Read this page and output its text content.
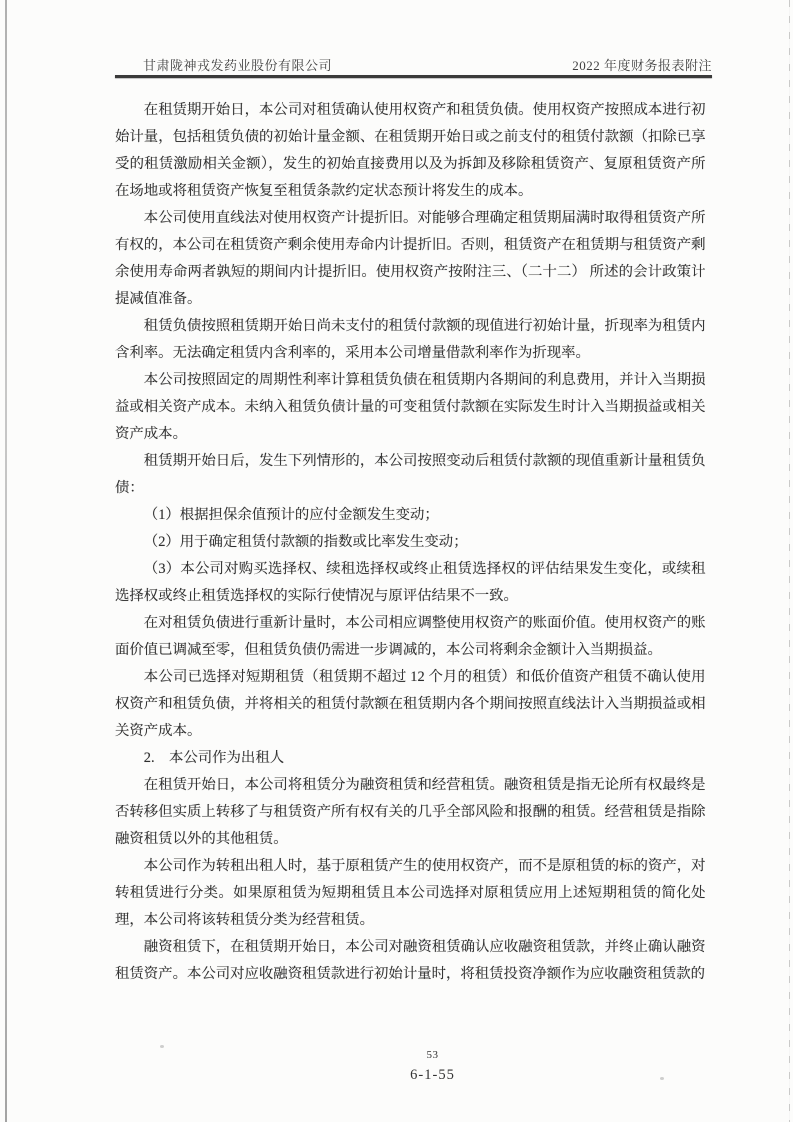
甘肃陇神戎发药业股份有限公司	2022 年度财务报表附注

在租赁期开始日，本公司对租赁确认使用权资产和租赁负债。使用权资产按照成本进行初始计量，包括租赁负债的初始计量金额、在租赁期开始日或之前支付的租赁付款额（扣除已享受的租赁激励相关金额），发生的初始直接费用以及为拆卸及移除租赁资产、复原租赁资产所在场地或将租赁资产恢复至租赁条款约定状态预计将发生的成本。

本公司使用直线法对使用权资产计提折旧。对能够合理确定租赁期届满时取得租赁资产所有权的，本公司在租赁资产剩余使用寿命内计提折旧。否则，租赁资产在租赁期与租赁资产剩余使用寿命两者孰短的期间内计提折旧。使用权资产按附注三、（二十二） 所述的会计政策计提减值准备。

租赁负债按照租赁期开始日尚未支付的租赁付款额的现值进行初始计量，折现率为租赁内含利率。无法确定租赁内含利率的，采用本公司增量借款利率作为折现率。

本公司按照固定的周期性利率计算租赁负债在租赁期内各期间的利息费用，并计入当期损益或相关资产成本。未纳入租赁负债计量的可变租赁付款额在实际发生时计入当期损益或相关资产成本。

租赁期开始日后，发生下列情形的，本公司按照变动后租赁付款额的现值重新计量租赁负债：

（1）根据担保余值预计的应付金额发生变动；

（2）用于确定租赁付款额的指数或比率发生变动；

（3）本公司对购买选择权、续租选择权或终止租赁选择权的评估结果发生变化，或续租选择权或终止租赁选择权的实际行使情况与原评估结果不一致。

在对租赁负债进行重新计量时，本公司相应调整使用权资产的账面价值。使用权资产的账面价值已调减至零，但租赁负债仍需进一步调减的，本公司将剩余金额计入当期损益。

本公司已选择对短期租赁（租赁期不超过 12 个月的租赁）和低价值资产租赁不确认使用权资产和租赁负债，并将相关的租赁付款额在租赁期内各个期间按照直线法计入当期损益或相关资产成本。

2.　本公司作为出租人

在租赁开始日，本公司将租赁分为融资租赁和经营租赁。融资租赁是指无论所有权最终是否转移但实质上转移了与租赁资产所有权有关的几乎全部风险和报酬的租赁。经营租赁是指除融资租赁以外的其他租赁。

本公司作为转租出租人时，基于原租赁产生的使用权资产，而不是原租赁的标的资产，对转租赁进行分类。如果原租赁为短期租赁且本公司选择对原租赁应用上述短期租赁的简化处理，本公司将该转租赁分类为经营租赁。

融资租赁下，在租赁期开始日，本公司对融资租赁确认应收融资租赁款，并终止确认融资租赁资产。本公司对应收融资租赁款进行初始计量时，将租赁投资净额作为应收融资租赁款的

53
6-1-55
